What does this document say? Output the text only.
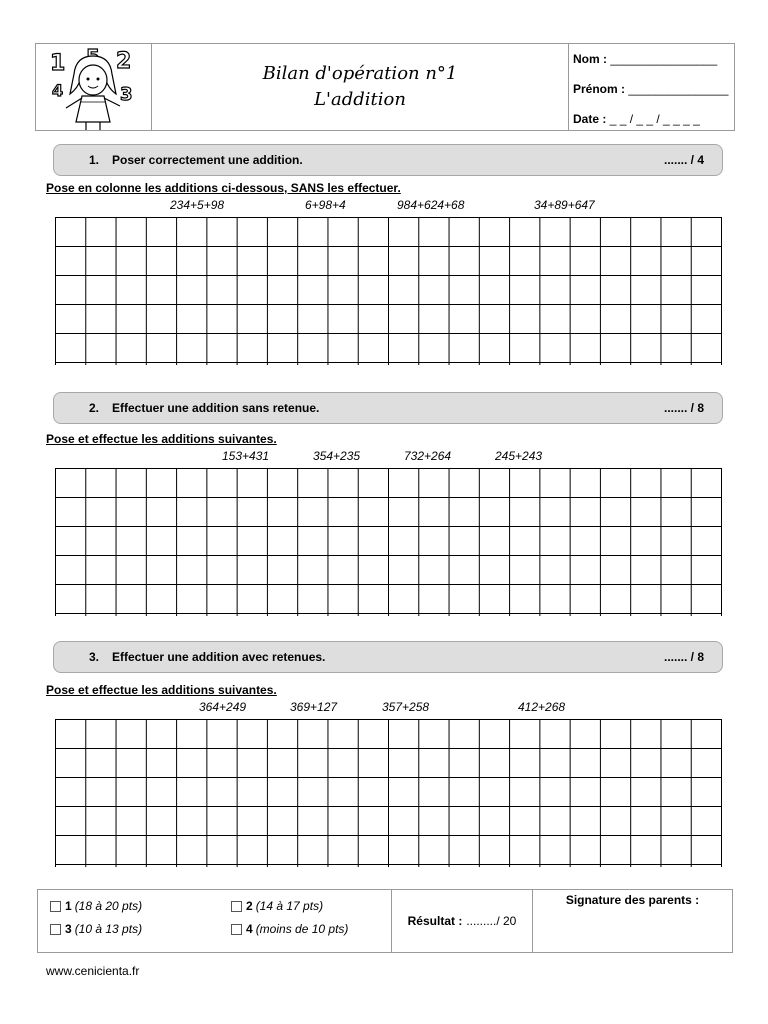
1 2
4	3
Bilan d'opération n°1
L'addition
Nom : ________________
Prénom : _______________
Date : _ _ / _ _ / _ _ _ _
1. Poser correctement une addition.	....... / 4
Pose en colonne les additions ci-dessous, SANS les effectuer.
234+5+98	6+98+4	984+624+68	34+89+647
2. Effectuer une addition sans retenue.	....... / 8
Pose et effectue les additions suivantes.
153+431	354+235	732+264	245+243
3. Effectuer une addition avec retenues.	....... / 8
Pose et effectue les additions suivantes.
364+249	369+127	357+258	412+268
1 (18 à 20 pts)	2 (14 à 17 pts)
3 (10 à 13 pts)	4 (moins de 10 pts)
Résultat : ........./ 20
Signature des parents :
www.cenicienta.fr
